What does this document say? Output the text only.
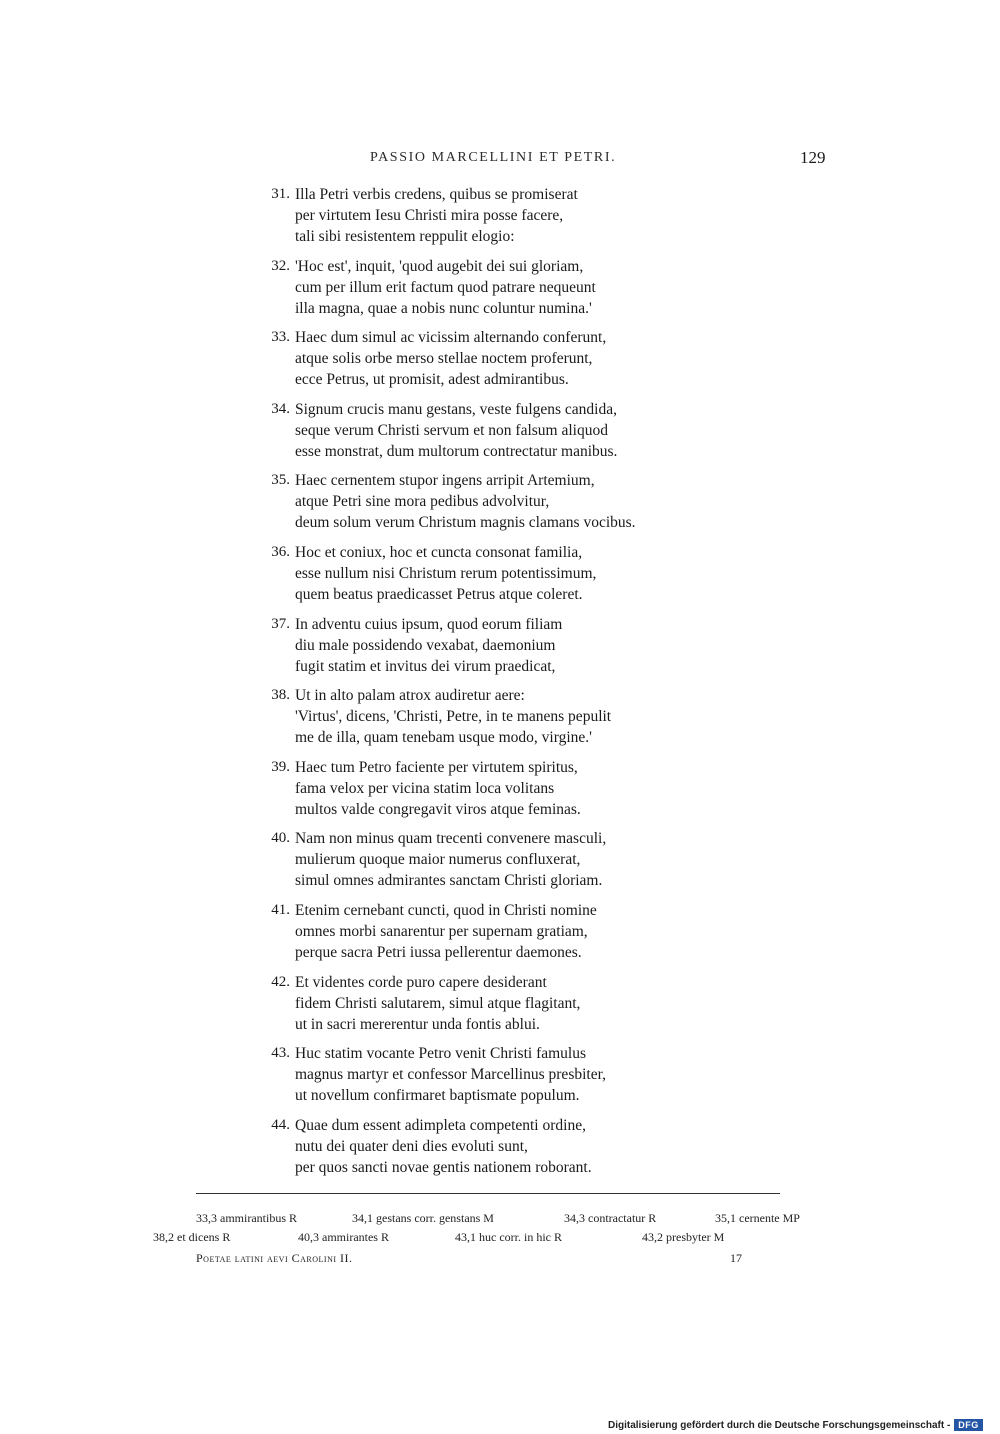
PASSIO MARCELLINI ET PETRI.	129
31. Illa Petri verbis credens, quibus se promiserat
per virtutem Iesu Christi mira posse facere,
tali sibi resistentem reppulit elogio:
32. 'Hoc est', inquit, 'quod augebit dei sui gloriam,
cum per illum erit factum quod patrare nequeunt
illa magna, quae a nobis nunc coluntur numina.'
33. Haec dum simul ac vicissim alternando conferunt,
atque solis orbe merso stellae noctem proferunt,
ecce Petrus, ut promisit, adest admirantibus.
34. Signum crucis manu gestans, veste fulgens candida,
seque verum Christi servum et non falsum aliquod
esse monstrat, dum multorum contrectatur manibus.
35. Haec cernentem stupor ingens arripit Artemium,
atque Petri sine mora pedibus advolvitur,
deum solum verum Christum magnis clamans vocibus.
36. Hoc et coniux, hoc et cuncta consonat familia,
esse nullum nisi Christum rerum potentissimum,
quem beatus praedicasset Petrus atque coleret.
37. In adventu cuius ipsum, quod eorum filiam
diu male possidendo vexabat, daemonium
fugit statim et invitus dei virum praedicat,
38. Ut in alto palam atrox audiretur aere:
'Virtus', dicens, 'Christi, Petre, in te manens pepulit
me de illa, quam tenebam usque modo, virgine.'
39. Haec tum Petro faciente per virtutem spiritus,
fama velox per vicina statim loca volitans
multos valde congregavit viros atque feminas.
40. Nam non minus quam trecenti convenere masculi,
mulierum quoque maior numerus confluxerat,
simul omnes admirantes sanctam Christi gloriam.
41. Etenim cernebant cuncti, quod in Christi nomine
omnes morbi sanarentur per supernam gratiam,
perque sacra Petri iussa pellerentur daemones.
42. Et videntes corde puro capere desiderant
fidem Christi salutarem, simul atque flagitant,
ut in sacri mererentur unda fontis ablui.
43. Huc statim vocante Petro venit Christi famulus
magnus martyr et confessor Marcellinus presbiter,
ut novellum confirmaret baptismate populum.
44. Quae dum essent adimpleta competenti ordine,
nutu dei quater deni dies evoluti sunt,
per quos sancti novae gentis nationem roborant.
33,3 ammirantibus R	34,1 gestans corr. genstans M	34,3 contractatur R	35,1 cernente MP
38,2 et dicens R	40,3 ammirantes R	43,1 huc corr. in hic R	43,2 presbyter M
Poetae latini aevi Carolini II.	17
Digitalisierung gefördert durch die Deutsche Forschungsgemeinschaft - DFG
